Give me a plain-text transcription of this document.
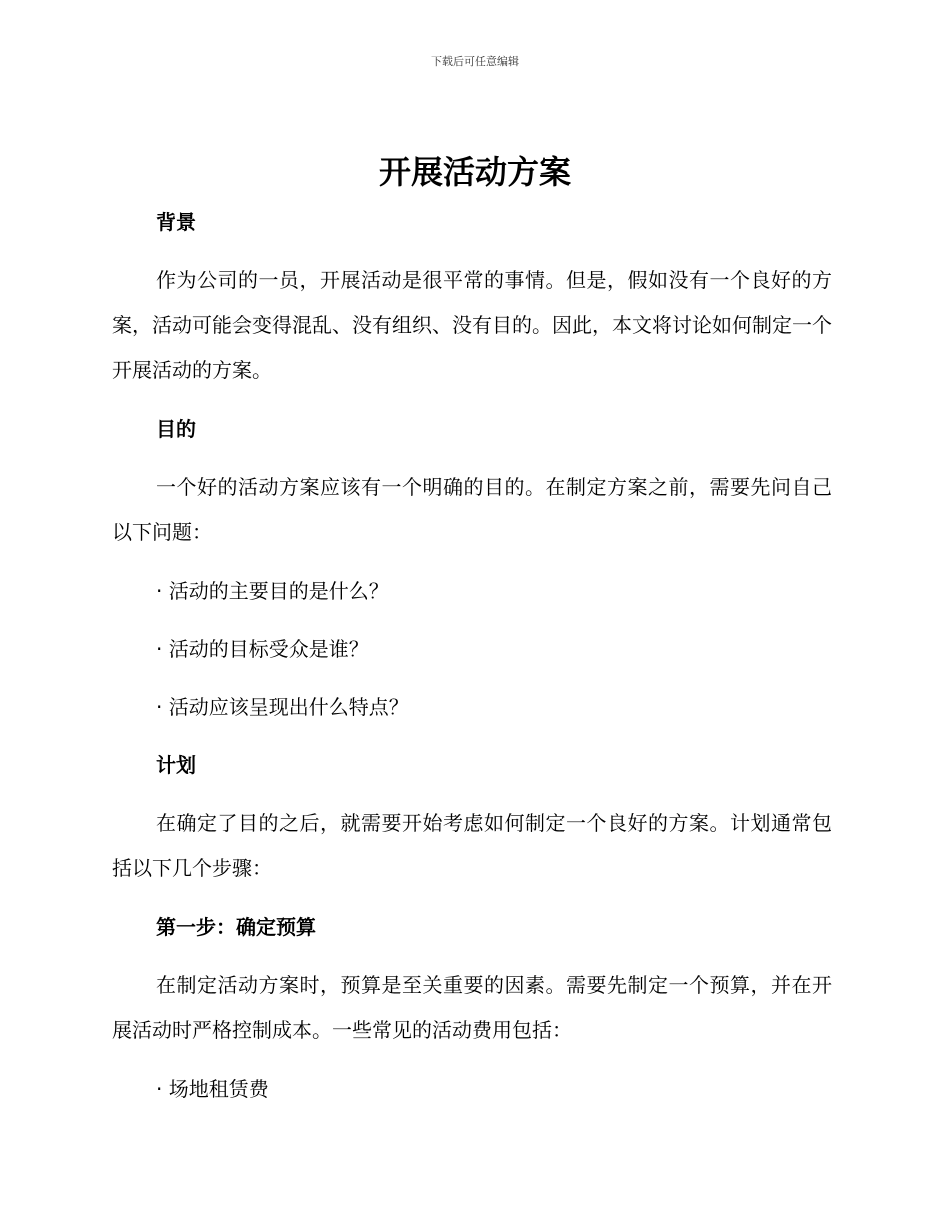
下载后可任意编辑
开展活动方案
背景

作为公司的一员，开展活动是很平常的事情。但是，假如没有一个良好的方案，活动可能会变得混乱、没有组织、没有目的。因此，本文将讨论如何制定一个开展活动的方案。

目的

一个好的活动方案应该有一个明确的目的。在制定方案之前，需要先问自己以下问题：

· 活动的主要目的是什么？
· 活动的目标受众是谁？
· 活动应该呈现出什么特点？
计划

在确定了目的之后，就需要开始考虑如何制定一个良好的方案。计划通常包括以下几个步骤：

第一步：确定预算

在制定活动方案时，预算是至关重要的因素。需要先制定一个预算，并在开展活动时严格控制成本。一些常见的活动费用包括：

· 场地租赁费
